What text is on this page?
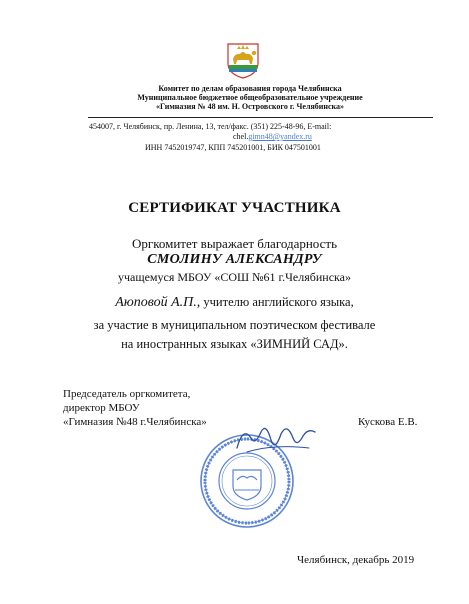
Комитет по делам образования города Челябинска
Муниципальное бюджетное общеобразовательное учреждение
«Гимназия № 48 им. Н. Островского г. Челябинска»
454007, г. Челябинск, пр. Ленина, 13, тел/факс. (351) 225-48-96, E-mail:
chel.gimn48@yandex.ru
ИНН 7452019747, КПП 745201001, БИК 047501001
СЕРТИФИКАТ УЧАСТНИКА
Оргкомитет выражает благодарность
СМОЛИНУ АЛЕКСАНДРУ
учащемуся МБОУ «СОШ №61 г.Челябинска»
Аюповой А.П., учителю английского языка,
за участие в муниципальном поэтическом фестивале
на иностранных языках «ЗИМНИЙ САД».
Председатель оргкомитета,
директор МБОУ
«Гимназия №48 г.Челябинска»	Кускова Е.В.
Челябинск, декабрь 2019
